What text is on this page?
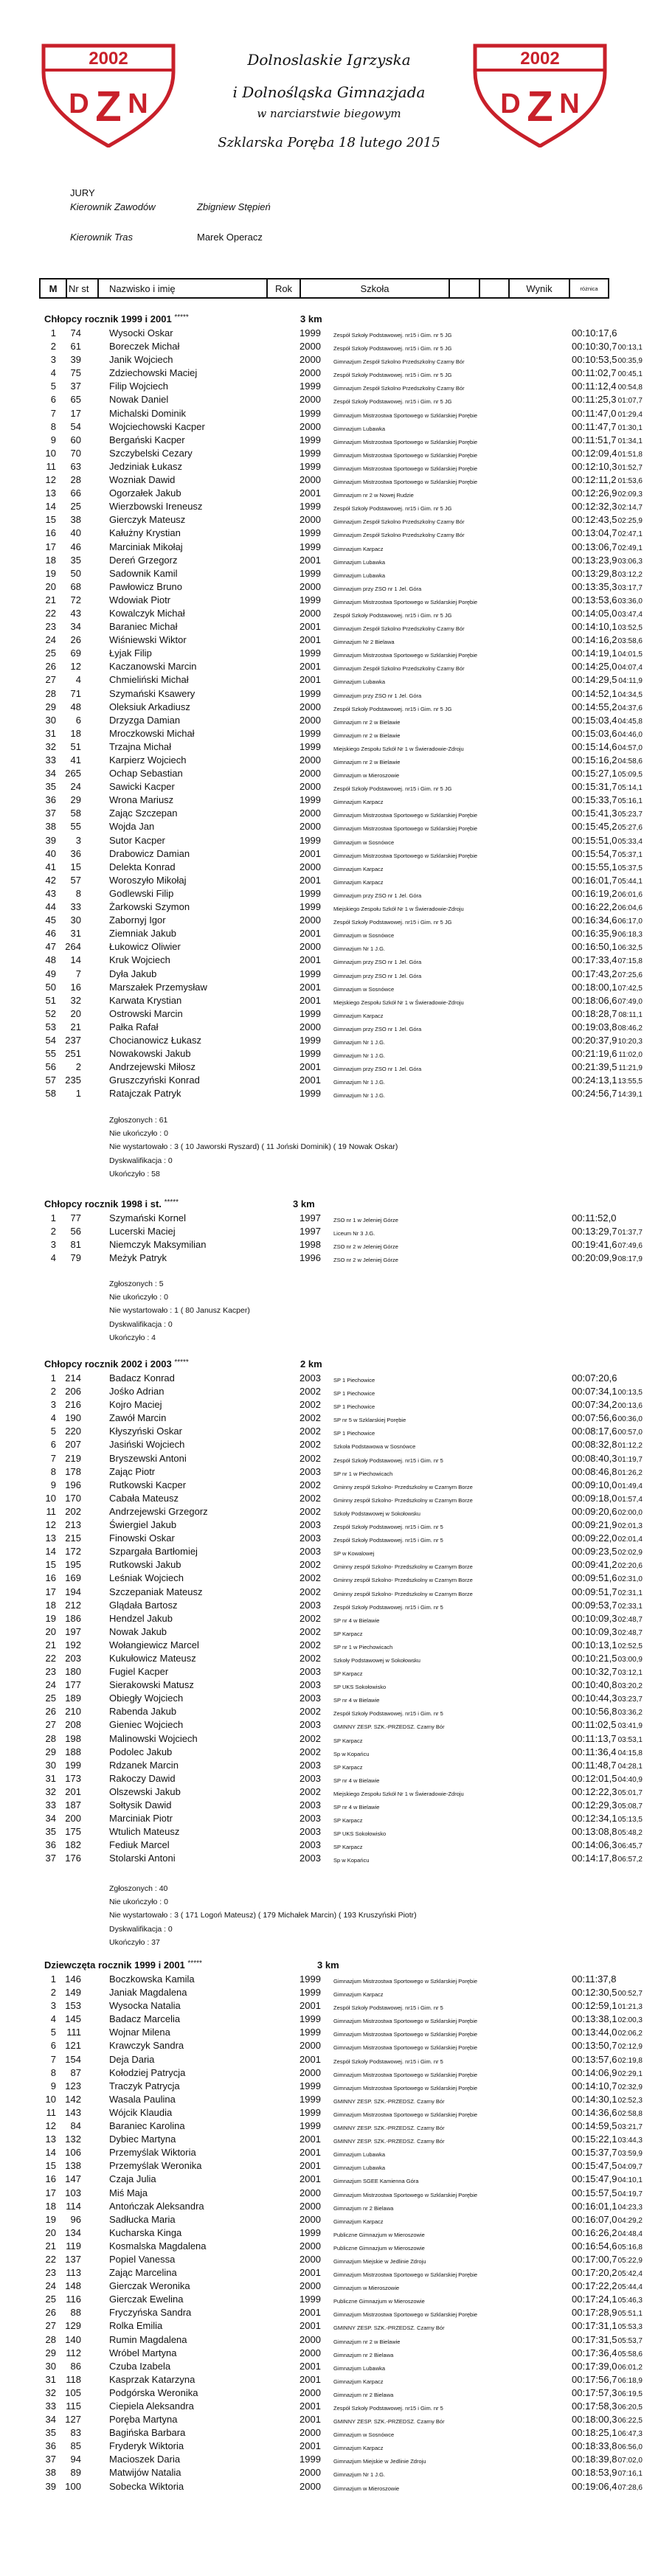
2002
D Z N
Dolnoslaskie Igrzyska
i Dolnośląska Gimnazjada
w narciarstwie biegowym
Szklarska Poręba 18 lutego 2015
2002
D Z N
JURY
Kierownik Zawodów	Zbigniew Stępień
Kierownik Tras	Marek Operacz
M	Nr st	Nazwisko i imię	Rok	Szkoła	Wynik	różnica
Chłopcy rocznik 1999 i 2001 *****	3 km
1	74	Wysocki Oskar	1999 Zespół Szkoły Podstawowej. nr15 i Gim. nr 5 JG	00:10:17,6
2	61	Boreczek Michał	2000 Zespół Szkoły Podstawowej. nr15 i Gim. nr 5 JG	00:10:30,7 00:13,1
3	39	Janik Wojciech	2000 Gimnazjum Zespół Szkolno Przedszkolny Czarny Bór	00:10:53,5 00:35,9
4	75	Zdziechowski Maciej	2000 Zespół Szkoły Podstawowej. nr15 i Gim. nr 5 JG	00:11:02,7 00:45,1
5	37	Filip Wojciech	1999 Gimnazjum Zespół Szkolno Przedszkolny Czarny Bór	00:11:12,4 00:54,8
6	65	Nowak Daniel	2000 Zespół Szkoły Podstawowej. nr15 i Gim. nr 5 JG	00:11:25,3 01:07,7
7	17	Michalski Dominik	1999 Gimnazjum Mistrzostwa Sportowego w Szklarskiej Porębie	00:11:47,0 01:29,4
8	54	Wojciechowski Kacper	2000 Gimnazjum Lubawka	00:11:47,7 01:30,1
9	60	Bergański Kacper	1999 Gimnazjum Mistrzostwa Sportowego w Szklarskiej Porębie	00:11:51,7 01:34,1
10	70	Szczybelski Cezary	1999 Gimnazjum Mistrzostwa Sportowego w Szklarskiej Porębie	00:12:09,4 01:51,8
11	63	Jedziniak Łukasz	1999 Gimnazjum Mistrzostwa Sportowego w Szklarskiej Porębie	00:12:10,3 01:52,7
12	28	Wozniak Dawid	2000 Gimnazjum Mistrzostwa Sportowego w Szklarskiej Porębie	00:12:11,2 01:53,6
13	66	Ogorzałek Jakub	2001 Gimnazjum nr 2 w Nowej Rudzie	00:12:26,9 02:09,3
14	25	Wierzbowski Ireneusz	1999 Zespół Szkoły Podstawowej. nr15 i Gim. nr 5 JG	00:12:32,3 02:14,7
15	38	Gierczyk Mateusz	2000 Gimnazjum Zespół Szkolno Przedszkolny Czarny Bór	00:12:43,5 02:25,9
16	40	Kałużny Krystian	1999 Gimnazjum Zespół Szkolno Przedszkolny Czarny Bór	00:13:04,7 02:47,1
17	46	Marciniak Mikołaj	1999 Gimnazjum Karpacz	00:13:06,7 02:49,1
18	35	Dereń Grzegorz	2001 Gimnazjum Lubawka	00:13:23,9 03:06,3
19	50	Sadownik Kamil	1999 Gimnazjum Lubawka	00:13:29,8 03:12,2
20	68	Pawłowicz Bruno	2000 Gimnazjum przy ZSO nr 1 Jel. Góra	00:13:35,3 03:17,7
21	72	Wdowiak Piotr	1999 Gimnazjum Mistrzostwa Sportowego w Szklarskiej Porębie	00:13:53,6 03:36,0
22	43	Kowalczyk Michał	2000 Zespół Szkoły Podstawowej. nr15 i Gim. nr 5 JG	00:14:05,0 03:47,4
23	34	Baraniec Michał	2001 Gimnazjum Zespół Szkolno Przedszkolny Czarny Bór	00:14:10,1 03:52,5
24	26	Wiśniewski Wiktor	2001 Gimnazjum Nr 2 Bielawa	00:14:16,2 03:58,6
25	69	Łyjak Filip	1999 Gimnazjum Mistrzostwa Sportowego w Szklarskiej Porębie	00:14:19,1 04:01,5
26	12	Kaczanowski Marcin	2001 Gimnazjum Zespół Szkolno Przedszkolny Czarny Bór	00:14:25,0 04:07,4
27	4	Chmieliński Michał	2001 Gimnazjum Lubawka	00:14:29,5 04:11,9
28	71	Szymański Ksawery	1999 Gimnazjum przy ZSO nr 1 Jel. Góra	00:14:52,1 04:34,5
29	48	Oleksiuk Arkadiusz	2000 Zespół Szkoły Podstawowej. nr15 i Gim. nr 5 JG	00:14:55,2 04:37,6
30	6	Drzyzga Damian	2000 Gimnazjum nr 2 w Bielawie	00:15:03,4 04:45,8
31	18	Mroczkowski Michał	1999 Gimnazjum nr 2 w Bielawie	00:15:03,6 04:46,0
32	51	Trzajna Michał	1999 Miejskiego Zespołu Szkół Nr 1 w Świeradowie-Zdroju	00:15:14,6 04:57,0
33	41	Karpierz Wojciech	2000 Gimnazjum nr 2 w Bielawie	00:15:16,2 04:58,6
34 265	Ochap Sebastian	2000 Gimnazjum w Mieroszowie	00:15:27,1 05:09,5
35	24	Sawicki Kacper	2000 Zespół Szkoły Podstawowej. nr15 i Gim. nr 5 JG	00:15:31,7 05:14,1
36	29	Wrona Mariusz	1999 Gimnazjum Karpacz	00:15:33,7 05:16,1
37	58	Zając Szczepan	2000 Gimnazjum Mistrzostwa Sportowego w Szklarskiej Porębie	00:15:41,3 05:23,7
38	55	Wojda Jan	2000 Gimnazjum Mistrzostwa Sportowego w Szklarskiej Porębie	00:15:45,2 05:27,6
39	3	Sutor Kacper	1999 Gimnazjum w Sosnówce	00:15:51,0 05:33,4
40	36	Drabowicz Damian	2001 Gimnazjum Mistrzostwa Sportowego w Szklarskiej Porębie	00:15:54,7 05:37,1
41	15	Delekta Konrad	2000 Gimnazjum Karpacz	00:15:55,1 05:37,5
42	57	Woroszyło Mikołaj	2001 Gimnazjum Karpacz	00:16:01,7 05:44,1
43	8	Godlewski Filip	1999 Gimnazjum przy ZSO nr 1 Jel. Góra	00:16:19,2 06:01,6
44	33	Żarkowski Szymon	1999 Miejskiego Zespołu Szkół Nr 1 w Świeradowie-Zdroju	00:16:22,2 06:04,6
45	30	Zabornyj Igor	2000 Zespół Szkoły Podstawowej. nr15 i Gim. nr 5 JG	00:16:34,6 06:17,0
46	31	Ziemniak Jakub	2001 Gimnazjum w Sosnówce	00:16:35,9 06:18,3
47 264	Łukowicz Oliwier	2000 Gimnazjum Nr 1 J.G.	00:16:50,1 06:32,5
48	14	Kruk Wojciech	2001 Gimnazjum przy ZSO nr 1 Jel. Góra	00:17:33,4 07:15,8
49	7	Dyła Jakub	1999 Gimnazjum przy ZSO nr 1 Jel. Góra	00:17:43,2 07:25,6
50	16	Marszałek Przemysław	2001 Gimnazjum w Sosnówce	00:18:00,1 07:42,5
51	32	Karwata Krystian	2001 Miejskiego Zespołu Szkół Nr 1 w Świeradowie-Zdroju	00:18:06,6 07:49,0
52	20	Ostrowski Marcin	1999 Gimnazjum Karpacz	00:18:28,7 08:11,1
53	21	Pałka Rafał	2000 Gimnazjum przy ZSO nr 1 Jel. Góra	00:19:03,8 08:46,2
54 237	Chocianowicz Łukasz	1999 Gimnazjum Nr 1 J.G.	00:20:37,9 10:20,3
55 251	Nowakowski Jakub	1999 Gimnazjum Nr 1 J.G.	00:21:19,6 11:02,0
56	2	Andrzejewski Miłosz	2001 Gimnazjum przy ZSO nr 1 Jel. Góra	00:21:39,5 11:21,9
57 235	Gruszczyński Konrad	2001 Gimnazjum Nr 1 J.G.	00:24:13,1 13:55,5
58	1	Ratajczak Patryk	1999 Gimnazjum Nr 1 J.G.	00:24:56,7 14:39,1
Zgłoszonych : 61
Nie ukończyło : 0
Nie wystartowało : 3 ( 10 Jaworski Ryszard) ( 11 Joński Dominik) ( 19 Nowak Oskar)
Dyskwalifikacja : 0
Ukończyło : 58
Chłopcy rocznik 1998 i st. *****	3 km
1	77	Szymański Kornel	1997 ZSO nr 1 w Jeleniej Górze	00:11:52,0
2	56	Lucerski Maciej	1997 Liceum Nr 3 J.G.	00:13:29,7 01:37,7
3	81	Niemczyk Maksymilian	1998 ZSO nr 2 w Jeleniej Górze	00:19:41,6 07:49,6
4	79	Meżyk Patryk	1996 ZSO nr 2 w Jeleniej Górze	00:20:09,9 08:17,9
Zgłoszonych : 5
Nie ukończyło : 0
Nie wystartowało : 1 ( 80 Janusz Kacper)
Dyskwalifikacja : 0
Ukończyło : 4
Chłopcy rocznik 2002 i 2003 *****	2 km
1 214	Badacz Konrad	2003 SP 1 Piechowice	00:07:20,6
2 206	Jośko Adrian	2002 SP 1 Piechowice	00:07:34,1 00:13,5
3 216	Kojro Maciej	2002 SP 1 Piechowice	00:07:34,2 00:13,6
4 190	Zawół Marcin	2002 SP nr 5 w Szklarskiej Porębie	00:07:56,6 00:36,0
5 220	Kłyszyński Oskar	2002 SP 1 Piechowice	00:08:17,6 00:57,0
6 207	Jasiński Wojciech	2002 Szkoła Podstawowa w Sosnówce	00:08:32,8 01:12,2
7 219	Bryszewski Antoni	2002 Zespół Szkoły Podstawowej. nr15 i Gim. nr 5	00:08:40,3 01:19,7
8 178	Zając Piotr	2003 SP nr 1 w Piechowicach	00:08:46,8 01:26,2
9 196	Rutkowski Kacper	2002 Gminny zespół Szkolno- Przedszkolny w Czarnym Borze	00:09:10,0 01:49,4
10 170	Cabała Mateusz	2002 Gminny zespół Szkolno- Przedszkolny w Czarnym Borze	00:09:18,0 01:57,4
11 202	Andrzejewski Grzegorz	2002 Szkoły Podstawowej w Sokołowsku	00:09:20,6 02:00,0
12 213	Świergiel Jakub	2003 Zespół Szkoły Podstawowej. nr15 i Gim. nr 5	00:09:21,9 02:01,3
13 215	Finowski Oskar	2003 Zespół Szkoły Podstawowej. nr15 i Gim. nr 5	00:09:22,0 02:01,4
14 172	Szpargała Bartłomiej	2003 SP w Kowalowej	00:09:23,5 02:02,9
15 195	Rutkowski Jakub	2002 Gminny zespół Szkolno- Przedszkolny w Czarnym Borze	00:09:41,2 02:20,6
16 169	Leśniak Wojciech	2002 Gminny zespół Szkolno- Przedszkolny w Czarnym Borze	00:09:51,6 02:31,0
17 194	Szczepaniak Mateusz	2002 Gminny zespół Szkolno- Przedszkolny w Czarnym Borze	00:09:51,7 02:31,1
18 212	Glądała Bartosz	2003 Zespół Szkoły Podstawowej. nr15 i Gim. nr 5	00:09:53,7 02:33,1
19 186	Hendzel Jakub	2002 SP nr 4 w Bielawie	00:10:09,3 02:48,7
20 197	Nowak Jakub	2002 SP Karpacz	00:10:09,3 02:48,7
21 192	Wołangiewicz Marcel	2002 SP nr 1 w Piechowicach	00:10:13,1 02:52,5
22 203	Kukułowicz Mateusz	2002 Szkoły Podstawowej w Sokołowsku	00:10:21,5 03:00,9
23 180	Fugiel Kacper	2003 SP Karpacz	00:10:32,7 03:12,1
24 177	Sierakowski Matusz	2003 SP UKS Sokołowisko	00:10:40,8 03:20,2
25 189	Obiegły Wojciech	2003 SP nr 4 w Bielawie	00:10:44,3 03:23,7
26 210	Rabenda Jakub	2002 Zespół Szkoły Podstawowej. nr15 i Gim. nr 5	00:10:56,8 03:36,2
27 208	Gieniec Wojciech	2003 GMINNY ZESP. SZK.-PRZEDSZ. Czarny Bór	00:11:02,5 03:41,9
28 198	Malinowski Wojciech	2002 SP Karpacz	00:11:13,7 03:53,1
29 188	Podolec Jakub	2002 Sp w Kopańcu	00:11:36,4 04:15,8
30 199	Rdzanek Marcin	2003 SP Karpacz	00:11:48,7 04:28,1
31 173	Rakoczy Dawid	2003 SP nr 4 w Bielawie	00:12:01,5 04:40,9
32 201	Olszewski Jakub	2002 Miejskiego Zespołu Szkół Nr 1 w Świeradowie-Zdroju	00:12:22,3 05:01,7
33 187	Sołtysik Dawid	2003 SP nr 4 w Bielawie	00:12:29,3 05:08,7
34 200	Marciniak Piotr	2003 SP Karpacz	00:12:34,1 05:13,5
35 175	Wtulich Mateusz	2003 SP UKS Sokołowisko	00:13:08,8 05:48,2
36 182	Fediuk Marcel	2003 SP Karpacz	00:14:06,3 06:45,7
37 176	Stolarski Antoni	2003 Sp w Kopańcu	00:14:17,8 06:57,2
Zgłoszonych : 40
Nie ukończyło : 0
Nie wystartowało : 3 ( 171 Logoń Mateusz) ( 179 Michałek Marcin) ( 193 Kruszyński Piotr)
Dyskwalifikacja : 0
Ukończyło : 37
Dziewczęta rocznik 1999 i 2001 *****	3 km
1 146	Boczkowska Kamila	1999 Gimnazjum Mistrzostwa Sportowego w Szklarskiej Porębie	00:11:37,8
2 149	Janiak Magdalena	1999 Gimnazjum Karpacz	00:12:30,5 00:52,7
3 153	Wysocka Natalia	2001 Zespół Szkoły Podstawowej. nr15 i Gim. nr 5	00:12:59,1 01:21,3
4 145	Badacz Marcelia	1999 Gimnazjum Mistrzostwa Sportowego w Szklarskiej Porębie	00:13:38,1 02:00,3
5	111	Wojnar Milena	1999 Gimnazjum Mistrzostwa Sportowego w Szklarskiej Porębie	00:13:44,0 02:06,2
6 121	Krawczyk Sandra	2000 Gimnazjum Mistrzostwa Sportowego w Szklarskiej Porębie	00:13:50,7 02:12,9
7 154	Deja Daria	2001 Zespół Szkoły Podstawowej. nr15 i Gim. nr 5	00:13:57,6 02:19,8
8	87	Kołodziej Patrycja	2000 Gimnazjum Mistrzostwa Sportowego w Szklarskiej Porębie	00:14:06,9 02:29,1
9 123	Traczyk Patrycja	1999 Gimnazjum Mistrzostwa Sportowego w Szklarskiej Porębie	00:14:10,7 02:32,9
10 142	Wasala Paulina	1999 GMINNY ZESP. SZK.-PRZEDSZ. Czarny Bór	00:14:30,1 02:52,3
11 143	Wójcik Klaudia	1999 Gimnazjum Mistrzostwa Sportowego w Szklarskiej Porębie	00:14:36,6 02:58,8
12	84	Baraniec Karolina	1999 GMINNY ZESP. SZK.-PRZEDSZ. Czarny Bór	00:14:59,5 03:21,7
13 132	Dybiec Martyna	2001 GMINNY ZESP. SZK.-PRZEDSZ. Czarny Bór	00:15:22,1 03:44,3
14 106	Przemyślak Wiktoria	2001 Gimnazjum Lubawka	00:15:37,7 03:59,9
15 138	Przemyślak Weronika	2001 Gimnazjum Lubawka	00:15:47,5 04:09,7
16 147	Czaja Julia	2001 Gimnazjum SGEE Kamienna Góra	00:15:47,9 04:10,1
17 103	Miś Maja	2000 Gimnazjum Mistrzostwa Sportowego w Szklarskiej Porębie	00:15:57,5 04:19,7
18	114	Antończak Aleksandra	2000 Gimnazjum nr 2 Bielawa	00:16:01,1 04:23,3
19	96	Sadłucka Maria	2000 Gimnazjum Karpacz	00:16:07,0 04:29,2
20 134	Kucharska Kinga	1999 Publiczne Gimnazjum w Mieroszowie	00:16:26,2 04:48,4
21	119	Kosmalska Magdalena	2000 Publiczne Gimnazjum w Mieroszowie	00:16:54,6 05:16,8
22 137	Popiel Vanessa	2000 Gimnazjum Miejskie w Jedlinie Zdroju	00:17:00,7 05:22,9
23	113	Zając Marcelina	2001 Gimnazjum Mistrzostwa Sportowego w Szklarskiej Porębie	00:17:20,2 05:42,4
24 148	Gierczak Weronika	2000 Gimnazjum w Mieroszowie	00:17:22,2 05:44,4
25	116	Gierczak Ewelina	1999 Publiczne Gimnazjum w Mieroszowie	00:17:24,1 05:46,3
26	88	Fryczyńska Sandra	2001 Gimnazjum Mistrzostwa Sportowego w Szklarskiej Porębie	00:17:28,9 05:51,1
27 129	Rolka Emilia	2001 GMINNY ZESP. SZK.-PRZEDSZ. Czarny Bór	00:17:31,1 05:53,3
28 140	Rumin Magdalena	2000 Gimnazjum nr 2 w Bielawie	00:17:31,5 05:53,7
29	112	Wróbel Martyna	2000 Gimnazjum nr 2 Bielawa	00:17:36,4 05:58,6
30	86	Czuba Izabela	2001 Gimnazjum Lubawka	00:17:39,0 06:01,2
31	118	Kasprzak Katarzyna	2001 Gimnazjum Karpacz	00:17:56,7 06:18,9
32 105	Podgórska Weronika	2000 Gimnazjum nr 2 Bielawa	00:17:57,3 06:19,5
33	115	Ciepiela Aleksandra	2001 Zespół Szkoły Podstawowej. nr15 i Gim. nr 5	00:17:58,3 06:20,5
34 127	Poręba Martyna	2001 GMINNY ZESP. SZK.-PRZEDSZ. Czarny Bór	00:18:00,3 06:22,5
35	83	Bagińska Barbara	2000 Gimnazjum w Sosnówce	00:18:25,1 06:47,3
36	85	Fryderyk Wiktoria	2001 Gimnazjum Karpacz	00:18:33,8 06:56,0
37	94	Macioszek Daria	1999 Gimnazjum Miejskie w Jedlinie Zdroju	00:18:39,8 07:02,0
38	89	Matwijów Natalia	2000 Gimnazjum Nr 1 J.G.	00:18:53,9 07:16,1
39 100	Sobecka Wiktoria	2000 Gimnazjum w Mieroszowie	00:19:06,4 07:28,6
